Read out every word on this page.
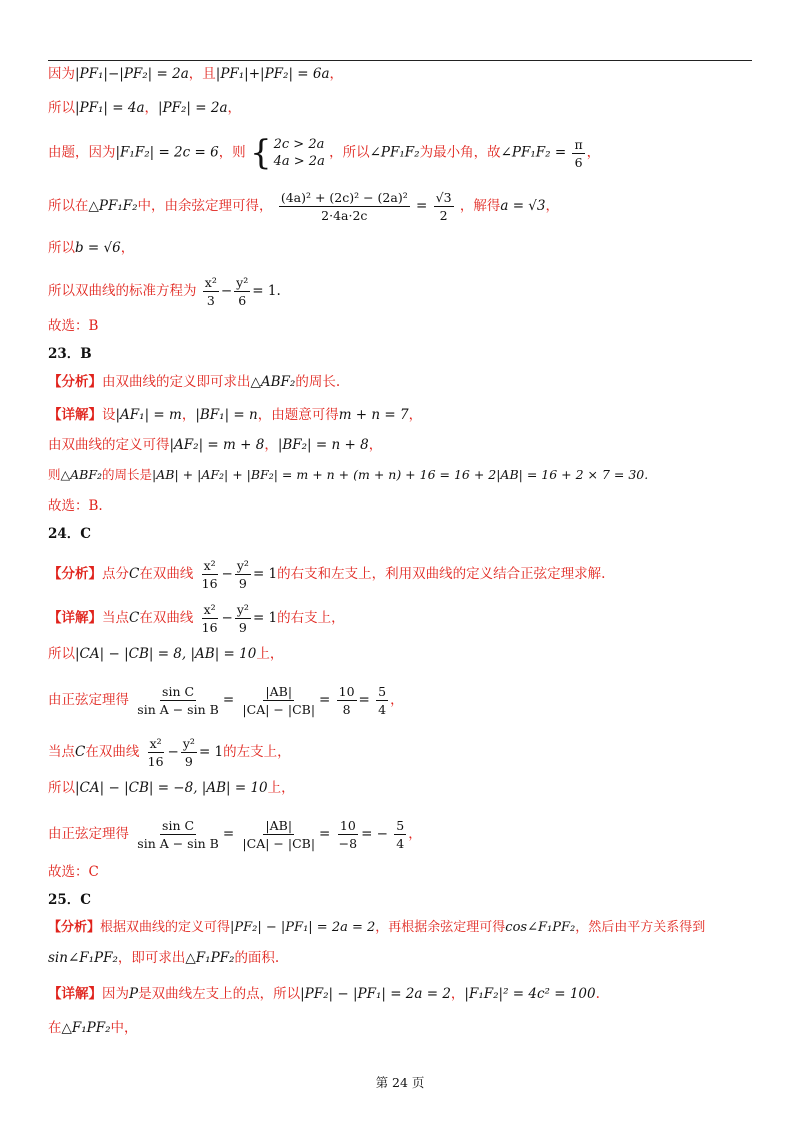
因为|PF₁|−|PF₂| = 2a，且|PF₁|+|PF₂| = 6a，
所以|PF₁| = 4a，|PF₂| = 2a，
由题，因为|F₁F₂| = 2c = 6，则 { 2c > 2a
4a > 2a
，所以∠PF₁F₂为最小角，故∠PF₁F₂ = $\frac{\pi}{6}$ ，
所以在△PF₁F₂中，由余弦定理可得， $\frac{\text{(4a)² + (2c)² − (2a)²}}{2\cdot 4a\cdot 2c} = \frac{√3}{2}$ ，解得a = √3，
所以b = √6，
所以双曲线的标准方程为 $\frac{\text{x²}}{3} - \frac{\text{y²}}{6} = 1$.
故选：B
23．B
【分析】由双曲线的定义即可求出△ABF₂的周长.
【详解】设|AF₁| = m，|BF₁| = n，由题意可得m + n = 7，
由双曲线的定义可得|AF₂| = m + 8，|BF₂| = n + 8，
则△ABF₂的周长是|AB| + |AF₂| + |BF₂| = m + n + (m + n) + 16 = 16 + 2|AB| = 16 + 2 × 7 = 30.
故选：B.
24．C
【分析】点分C在双曲线 $\frac{\text{x²}}{16} - \frac{\text{y²}}{9} = 1$的右支和左支上，利用双曲线的定义结合正弦定理求解.
【详解】当点C在双曲线 $\frac{\text{x²}}{16} - \frac{\text{y²}}{9} = 1$的右支上，
所以|CA| − |CB| = 8, |AB| = 10上，
由正弦定理得 $\frac{\text{sin C}}{\text{sin A − sin B}} = \frac{|AB|}{|CA| - |CB|} = \frac{10}{8} = \frac{5}{4}$ ，
当点C在双曲线 $\frac{\text{x²}}{16} - \frac{\text{y²}}{9} = 1$的左支上，
所以|CA| − |CB| = −8, |AB| = 10上，
由正弦定理得 $\frac{\text{sin C}}{\text{sin A − sin B}} = \frac{|AB|}{|CA| - |CB|} = \frac{10}{-8}$ = − $\frac{5}{4}$ ，
故选：C
25．C
【分析】根据双曲线的定义可得|PF₂| − |PF₁| = 2a = 2，再根据余弦定理可得cos∠F₁PF₂，然后由平方关系得到
sin∠F₁PF₂，即可求出△F₁PF₂的面积.
【详解】因为P是双曲线左支上的点，所以|PF₂| − |PF₁| = 2a = 2，|F₁F₂|² = 4c² = 100.
在△F₁PF₂中，
第 24 页
